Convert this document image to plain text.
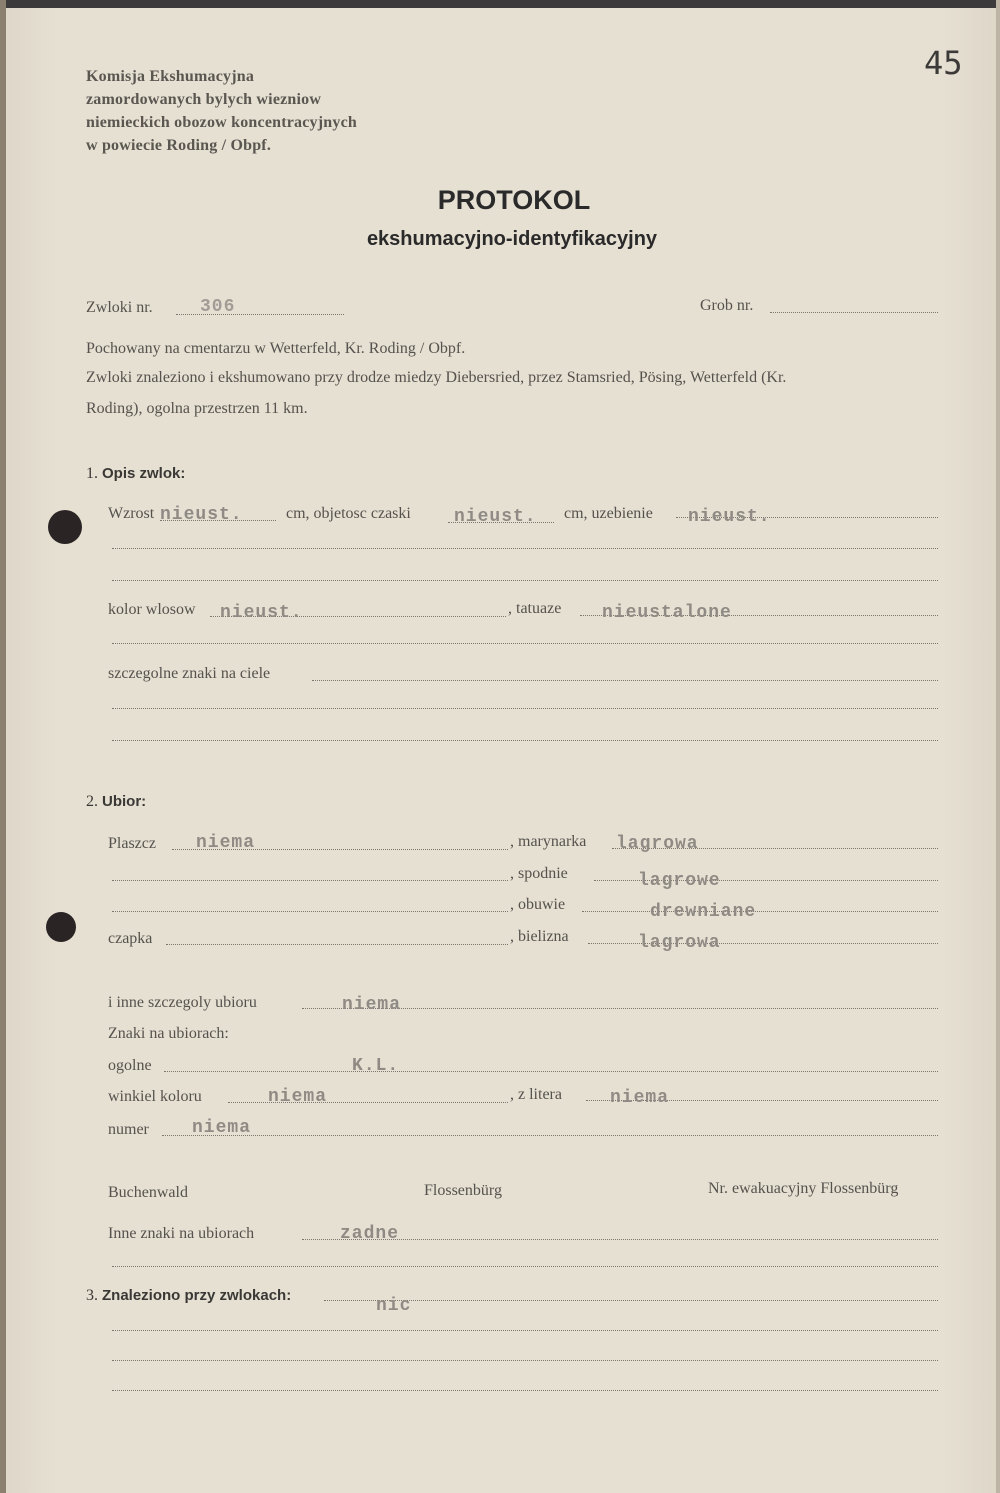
45
Komisja Ekshumacyjna
zamordowanych bylych wiezniow
niemieckich obozow koncentracyjnych
w powiecie Roding / Obpf.
PROTOKOL
ekshumacyjno-identyfikacyjny
Zwloki nr.	306	Grob nr.
Pochowany na cmentarzu w Wetterfeld, Kr. Roding / Obpf.
Zwloki znaleziono i ekshumowano przy drodze miedzy Diebersried, przez Stamsried, Pösing, Wetterfeld (Kr.
Roding), ogolna przestrzen 11 km.
1. Opis zwlok:
Wzrost nieust.	cm, objetosc czaski nieust. cm, uzebienie nieust.
kolor wlosow nieust.	, tatuaze nieustalone
szczegolne znaki na ciele
2. Ubior:
Plaszcz niema	, marynarka lagrowa
, spodnie	lagrowe
, obuwie	drewniane
czapka	, bielizna	lagrowa
i inne szczegoly ubioru	niema
Znaki na ubiorach:
ogolne	K.L.
winkiel koloru	niema	, z litera	niema
numer niema
Buchenwald	Flossenbürg	Nr. ewakuacyjny Flossenbürg
Inne znaki na ubiorach	zadne
3. Znaleziono przy zwlokach:
nic
